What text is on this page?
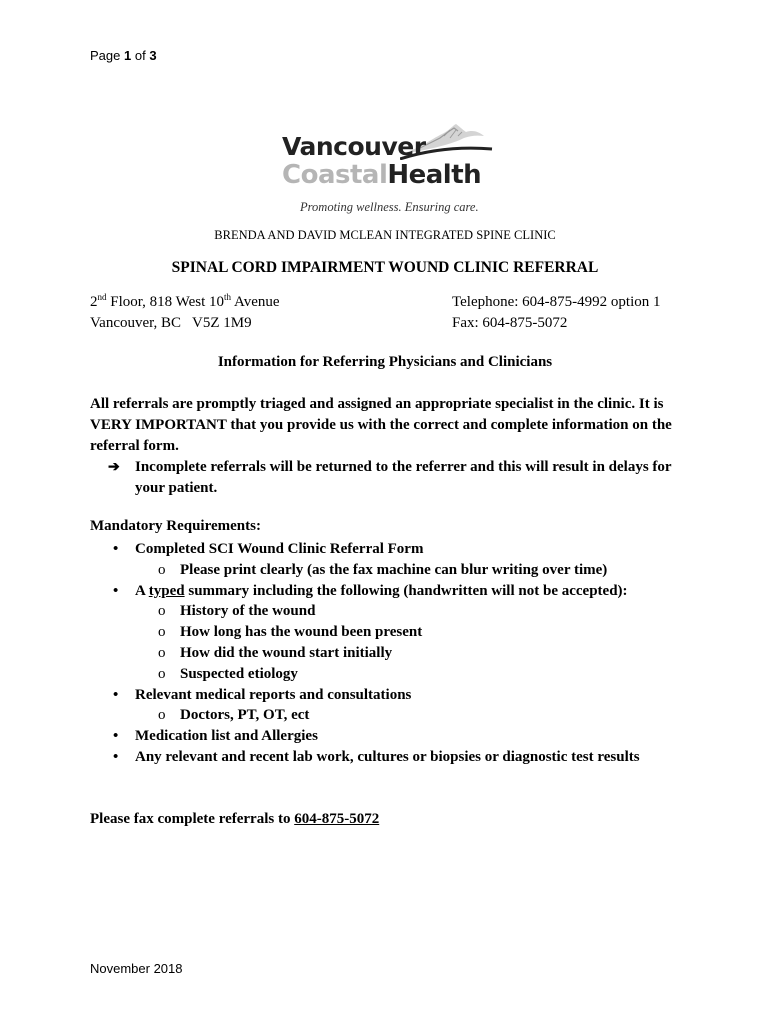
Page 1 of 3
Vancouver
CoastalHealth
Promoting wellness. Ensuring care.
BRENDA AND DAVID MCLEAN INTEGRATED SPINE CLINIC
SPINAL CORD IMPAIRMENT WOUND CLINIC REFERRAL
2nd Floor, 818 West 10th Avenue
Vancouver, BC   V5Z 1M9
Telephone: 604-875-4992 option 1
Fax: 604-875-5072
Information for Referring Physicians and Clinicians
All referrals are promptly triaged and assigned an appropriate specialist in the clinic. It is VERY IMPORTANT that you provide us with the correct and complete information on the referral form.
➔	Incomplete referrals will be returned to the referrer and this will result in delays for your patient.
Mandatory Requirements:
• Completed SCI Wound Clinic Referral Form
o Please print clearly (as the fax machine can blur writing over time)
• A typed summary including the following (handwritten will not be accepted):
o History of the wound
o How long has the wound been present
o How did the wound start initially
o Suspected etiology
• Relevant medical reports and consultations
o Doctors, PT, OT, ect
• Medication list and Allergies
• Any relevant and recent lab work, cultures or biopsies or diagnostic test results
Please fax complete referrals to 604-875-5072
November 2018
